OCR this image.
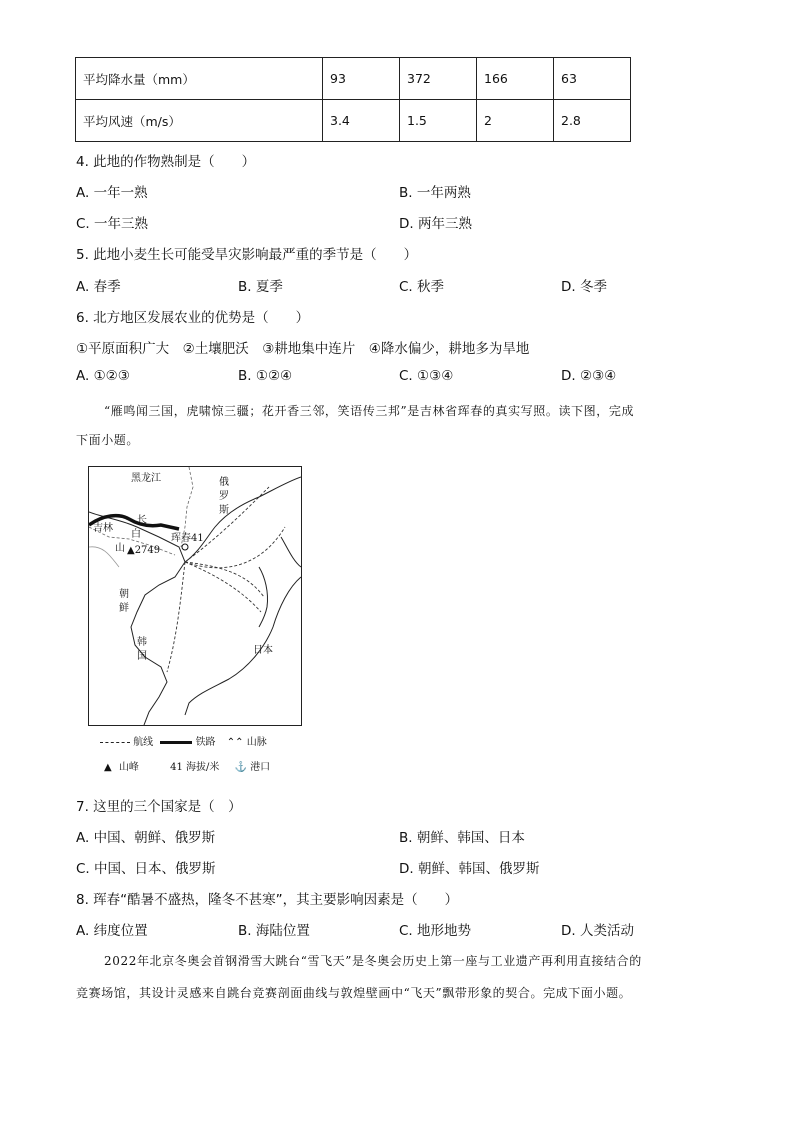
平均降水量（mm）	93	372	166	63
平均风速（m/s）	3.4	1.5	2	2.8
4. 此地的作物熟制是（　　）
A. 一年一熟	B. 一年两熟
C. 一年三熟	D. 两年三熟
5. 此地小麦生长可能受旱灾影响最严重的季节是（　　）
A. 春季	B. 夏季	C. 秋季	D. 冬季
6. 北方地区发展农业的优势是（　　）
①平原面积广大　②土壤肥沃　③耕地集中连片　④降水偏少，耕地多为旱地
A. ①②③	B. ①②④	C. ①③④	D. ②③④
“雁鸣闻三国，虎啸惊三疆；花开香三邻，笑语传三邦”是吉林省珲春的真实写照。读下图，完成
下面小题。
黑龙江	俄
罗
斯
吉林
长
白
山 ▲2749
珲春41
朝
鲜
韩
国
日本
航线	铁路 ⌃⌃ 山脉
▲ 山峰	41 海拔/米 ⚓ 港口
7. 这里的三个国家是（　）
A. 中国、朝鲜、俄罗斯	B. 朝鲜、韩国、日本
C. 中国、日本、俄罗斯	D. 朝鲜、韩国、俄罗斯
8. 珲春“酷暑不盛热，隆冬不甚寒”，其主要影响因素是（　　）
A. 纬度位置	B. 海陆位置	C. 地形地势	D. 人类活动
2022年北京冬奥会首钢滑雪大跳台“雪飞天”是冬奥会历史上第一座与工业遗产再利用直接结合的
竞赛场馆，其设计灵感来自跳台竞赛剖面曲线与敦煌壁画中“飞天”飘带形象的契合。完成下面小题。
